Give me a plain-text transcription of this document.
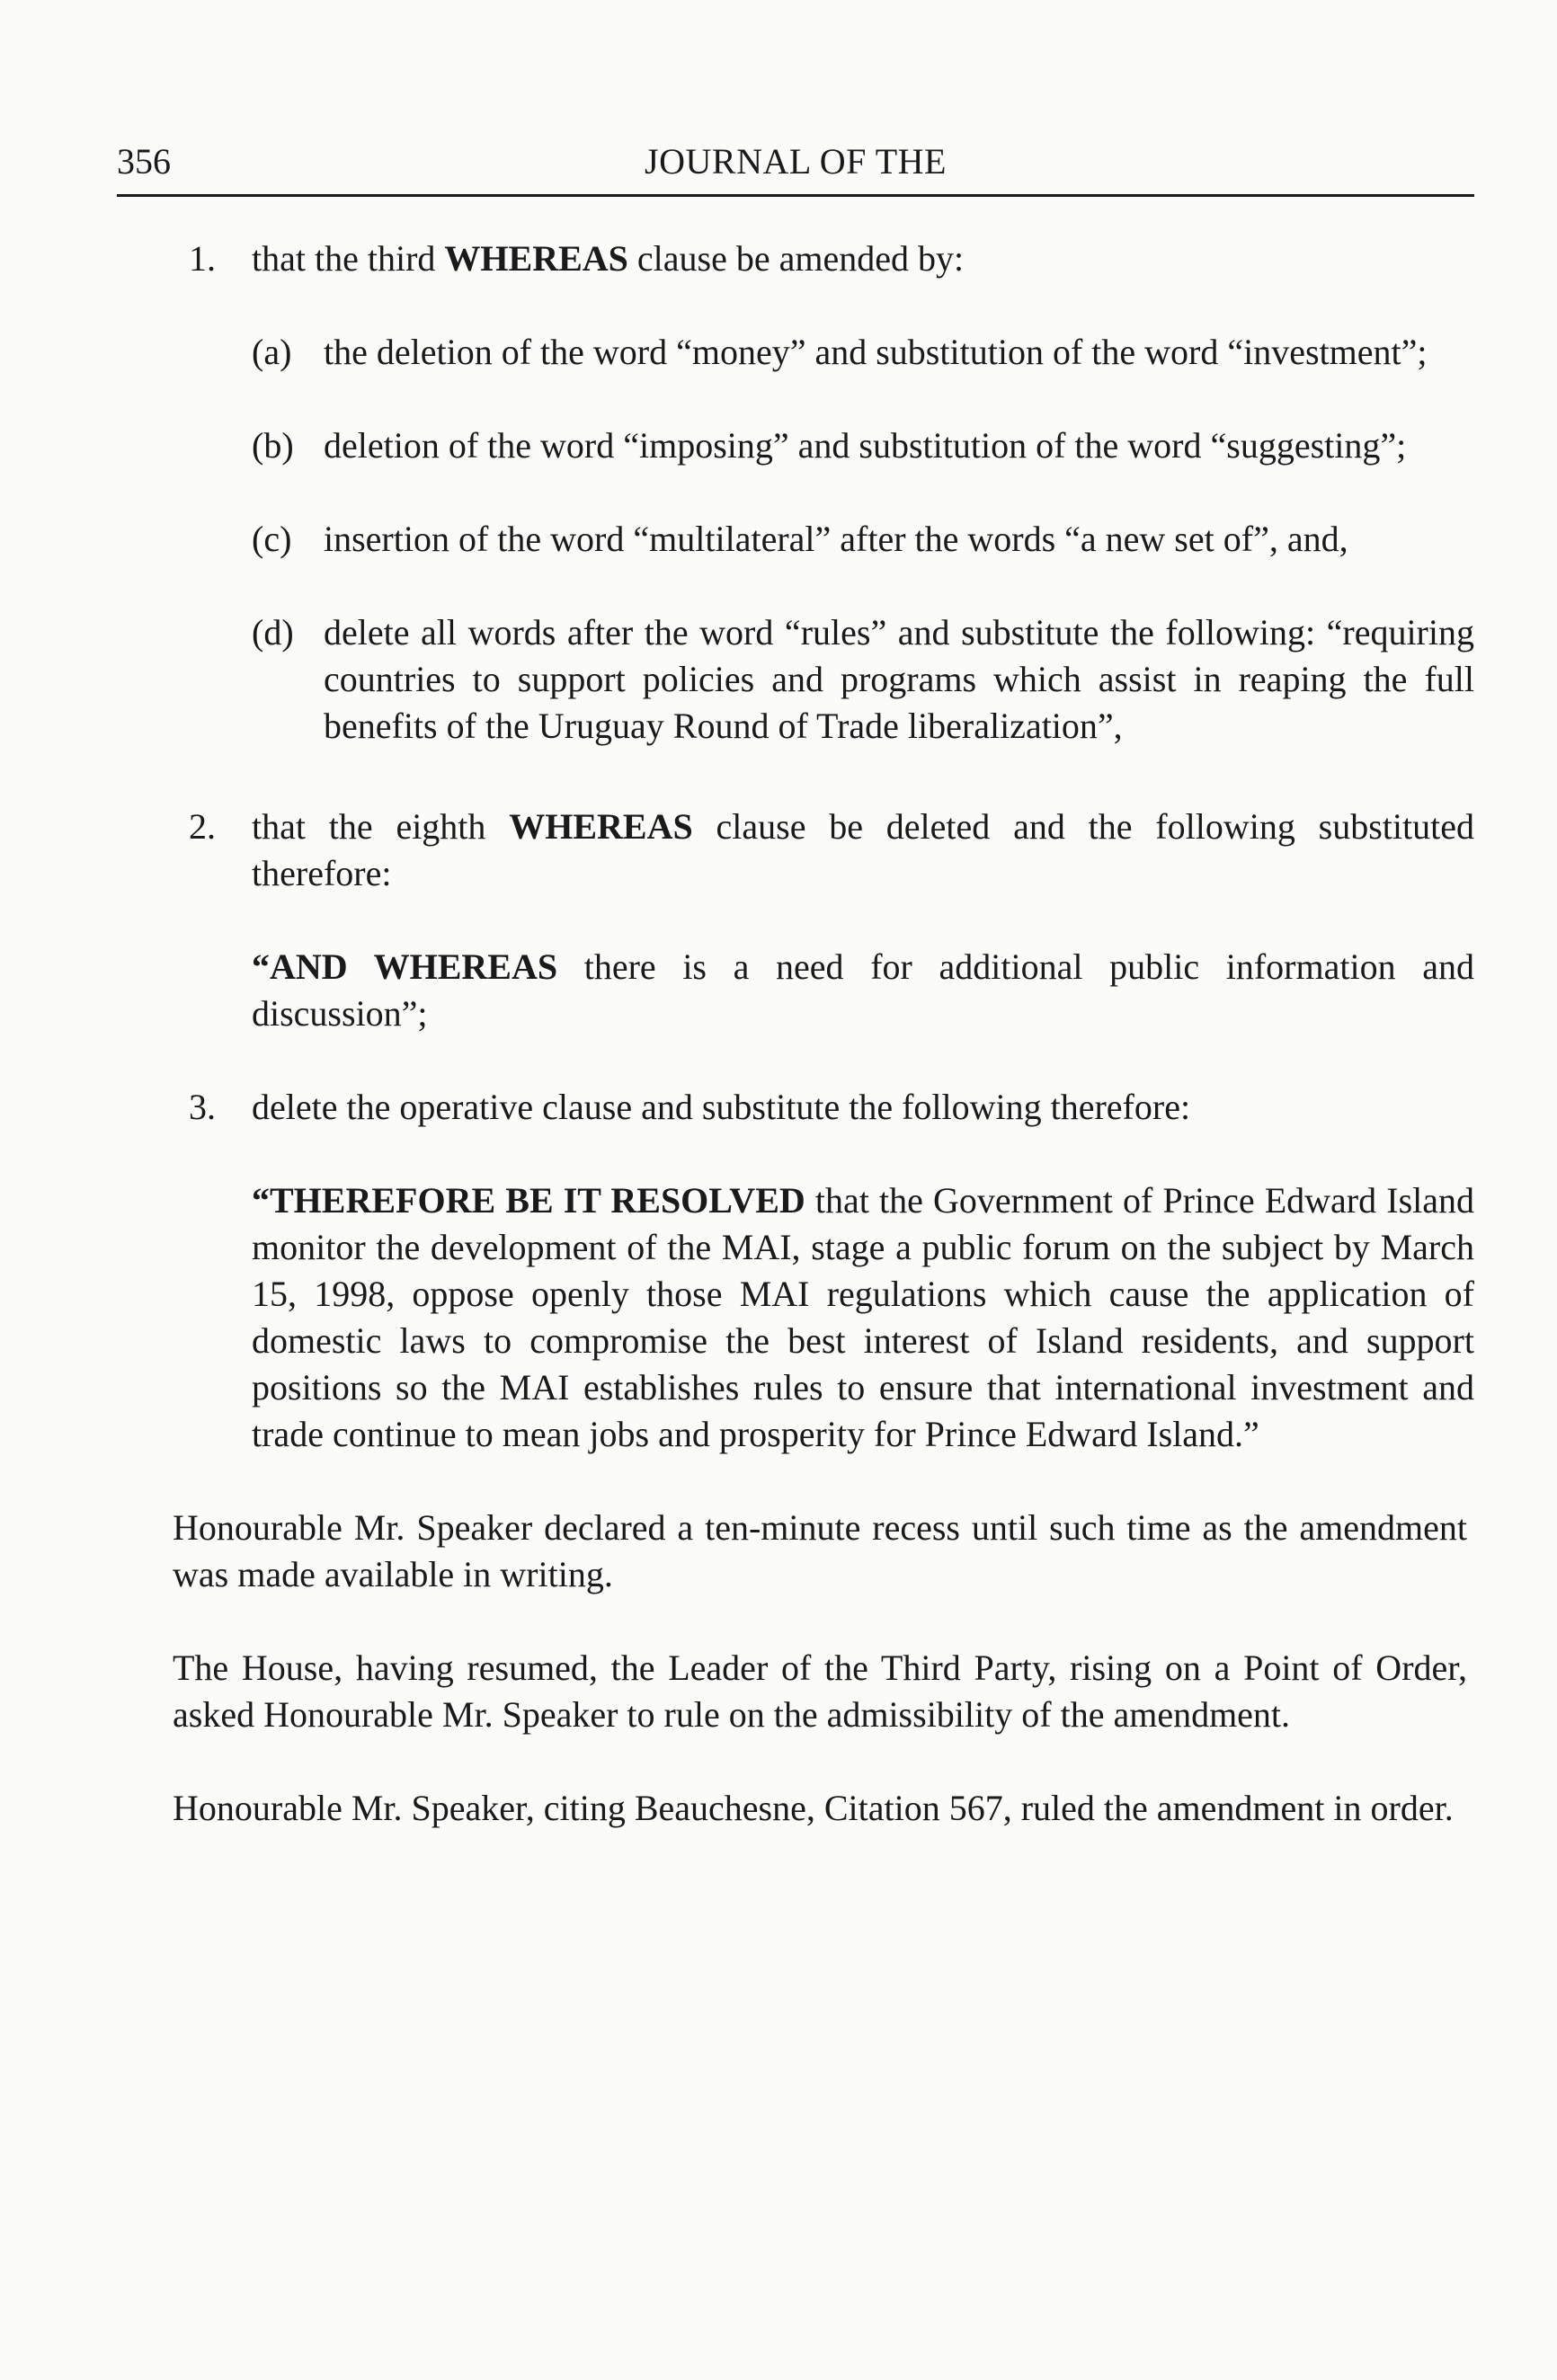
356	JOURNAL OF THE
1. that the third WHEREAS clause be amended by:
(a) the deletion of the word “money” and substitution of the word “investment”;
(b) deletion of the word “imposing” and substitution of the word “suggesting”;
(c) insertion of the word “multilateral” after the words “a new set of”, and,
(d) delete all words after the word “rules” and substitute the following: “requiring countries to support policies and programs which assist in reaping the full benefits of the Uruguay Round of Trade liberalization”,
2. that the eighth WHEREAS clause be deleted and the following substituted therefore:
“AND WHEREAS there is a need for additional public information and discussion”;
3. delete the operative clause and substitute the following therefore:
“THEREFORE BE IT RESOLVED that the Government of Prince Edward Island monitor the development of the MAI, stage a public forum on the subject by March 15, 1998, oppose openly those MAI regulations which cause the application of domestic laws to compromise the best interest of Island residents, and support positions so the MAI establishes rules to ensure that international investment and trade continue to mean jobs and prosperity for Prince Edward Island.”
Honourable Mr. Speaker declared a ten-minute recess until such time as the amendment was made available in writing.
The House, having resumed, the Leader of the Third Party, rising on a Point of Order, asked Honourable Mr. Speaker to rule on the admissibility of the amendment.
Honourable Mr. Speaker, citing Beauchesne, Citation 567, ruled the amendment in order.
